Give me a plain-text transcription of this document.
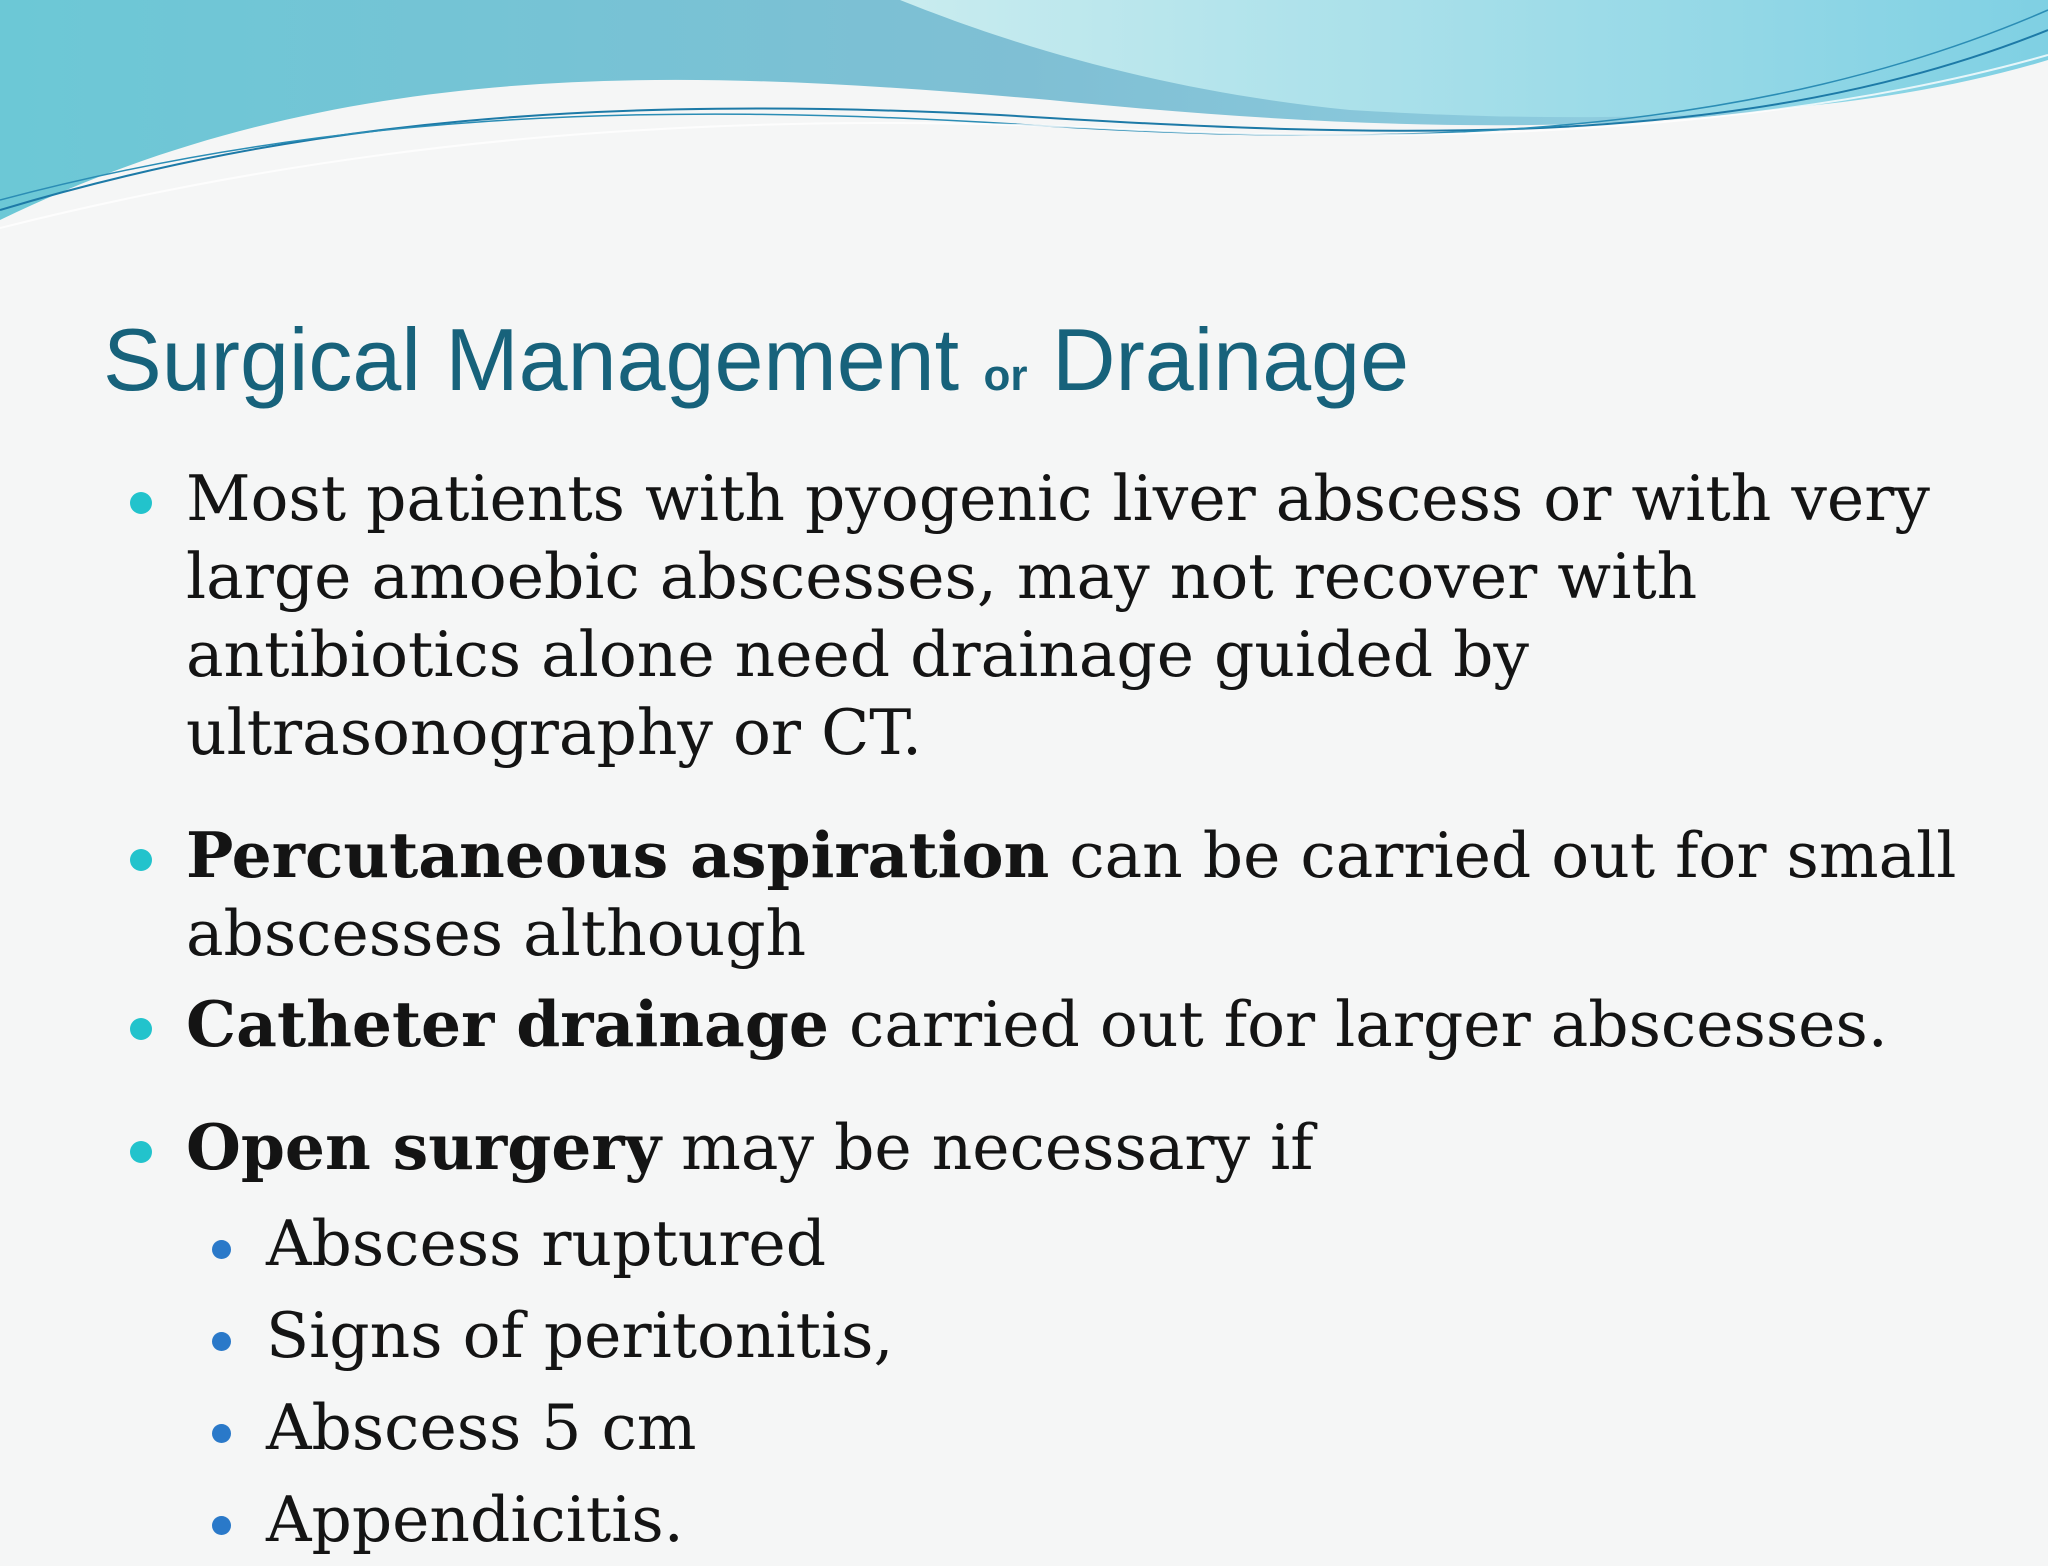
Surgical Management or Drainage
Most patients with pyogenic liver abscess or with very large amoebic abscesses, may not recover with antibiotics alone need drainage guided by ultrasonography or CT.
Percutaneous aspiration can be carried out for small abscesses although
Catheter drainage carried out for larger abscesses.
Open surgery may be necessary if
Abscess ruptured
Signs of peritonitis,
Abscess 5 cm
Appendicitis.
